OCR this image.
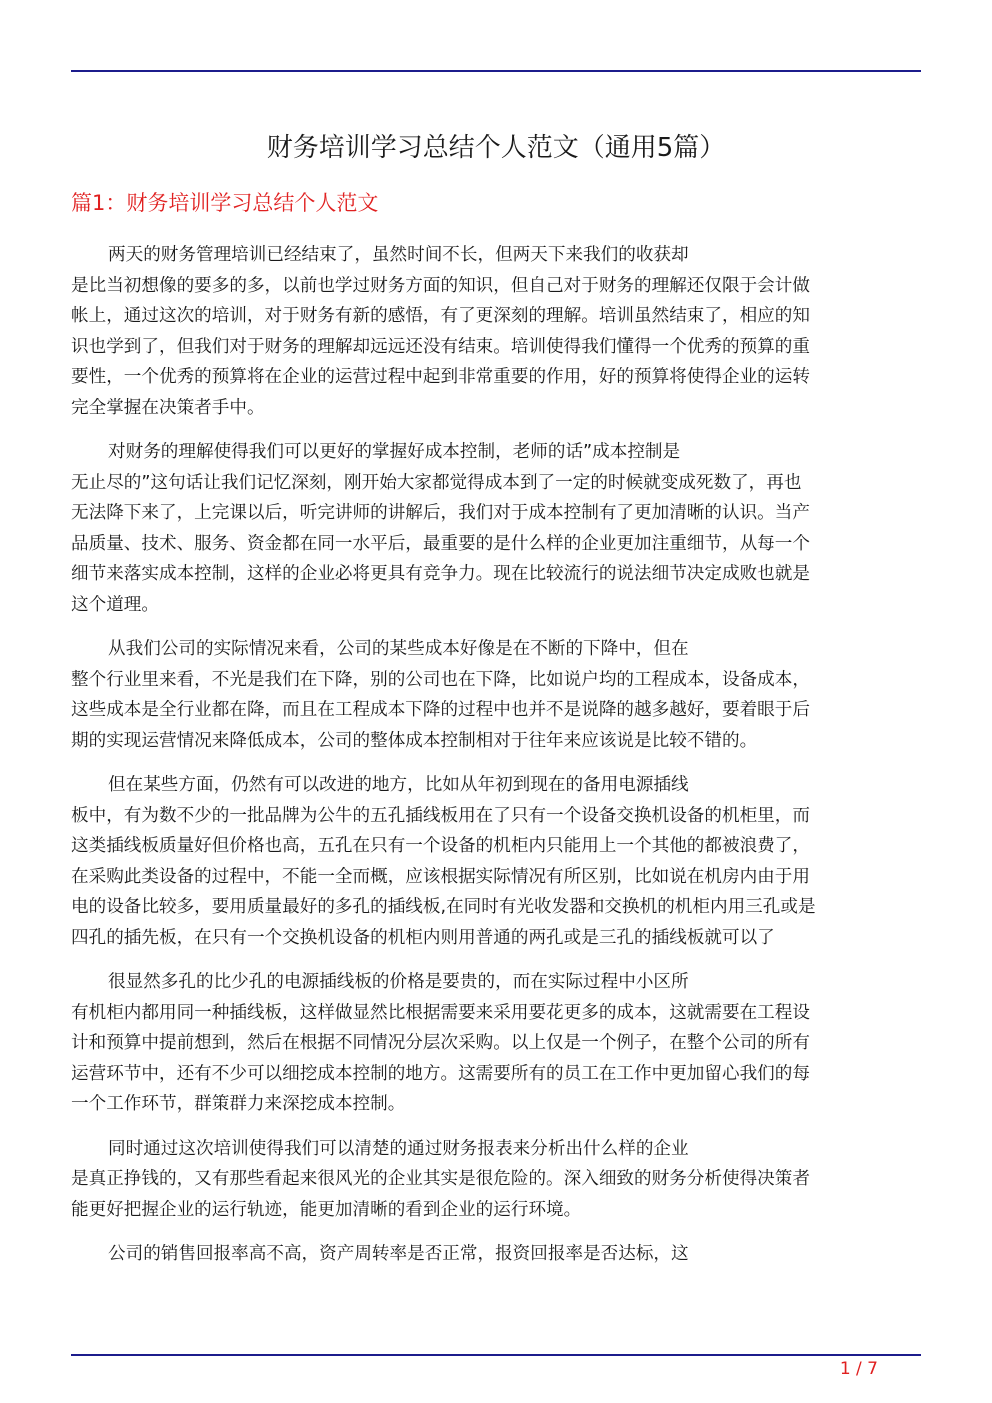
财务培训学习总结个人范文（通用5篇）
篇1：财务培训学习总结个人范文
两天的财务管理培训已经结束了，虽然时间不长，但两天下来我们的收获却
是比当初想像的要多的多，以前也学过财务方面的知识，但自己对于财务的理解还仅限于会计做
帐上，通过这次的培训，对于财务有新的感悟，有了更深刻的理解。培训虽然结束了，相应的知
识也学到了，但我们对于财务的理解却远远还没有结束。培训使得我们懂得一个优秀的预算的重
要性，一个优秀的预算将在企业的运营过程中起到非常重要的作用，好的预算将使得企业的运转
完全掌握在决策者手中。
对财务的理解使得我们可以更好的掌握好成本控制，老师的话”成本控制是
无止尽的”这句话让我们记忆深刻，刚开始大家都觉得成本到了一定的时候就变成死数了，再也
无法降下来了，上完课以后，听完讲师的讲解后，我们对于成本控制有了更加清晰的认识。当产
品质量、技术、服务、资金都在同一水平后，最重要的是什么样的企业更加注重细节，从每一个
细节来落实成本控制，这样的企业必将更具有竞争力。现在比较流行的说法细节决定成败也就是
这个道理。
从我们公司的实际情况来看，公司的某些成本好像是在不断的下降中，但在
整个行业里来看，不光是我们在下降，别的公司也在下降，比如说户均的工程成本，设备成本，
这些成本是全行业都在降，而且在工程成本下降的过程中也并不是说降的越多越好，要着眼于后
期的实现运营情况来降低成本，公司的整体成本控制相对于往年来应该说是比较不错的。
但在某些方面，仍然有可以改进的地方，比如从年初到现在的备用电源插线
板中，有为数不少的一批品牌为公牛的五孔插线板用在了只有一个设备交换机设备的机柜里，而
这类插线板质量好但价格也高，五孔在只有一个设备的机柜内只能用上一个其他的都被浪费了，
在采购此类设备的过程中，不能一全而概，应该根据实际情况有所区别，比如说在机房内由于用
电的设备比较多，要用质量最好的多孔的插线板,在同时有光收发器和交换机的机柜内用三孔或是
四孔的插先板，在只有一个交换机设备的机柜内则用普通的两孔或是三孔的插线板就可以了
很显然多孔的比少孔的电源插线板的价格是要贵的，而在实际过程中小区所
有机柜内都用同一种插线板，这样做显然比根据需要来采用要花更多的成本，这就需要在工程设
计和预算中提前想到，然后在根据不同情况分层次采购。以上仅是一个例子，在整个公司的所有
运营环节中，还有不少可以细挖成本控制的地方。这需要所有的员工在工作中更加留心我们的每
一个工作环节，群策群力来深挖成本控制。
同时通过这次培训使得我们可以清楚的通过财务报表来分析出什么样的企业
是真正挣钱的，又有那些看起来很风光的企业其实是很危险的。深入细致的财务分析使得决策者
能更好把握企业的运行轨迹，能更加清晰的看到企业的运行环境。
公司的销售回报率高不高，资产周转率是否正常，报资回报率是否达标，这
1 / 7
